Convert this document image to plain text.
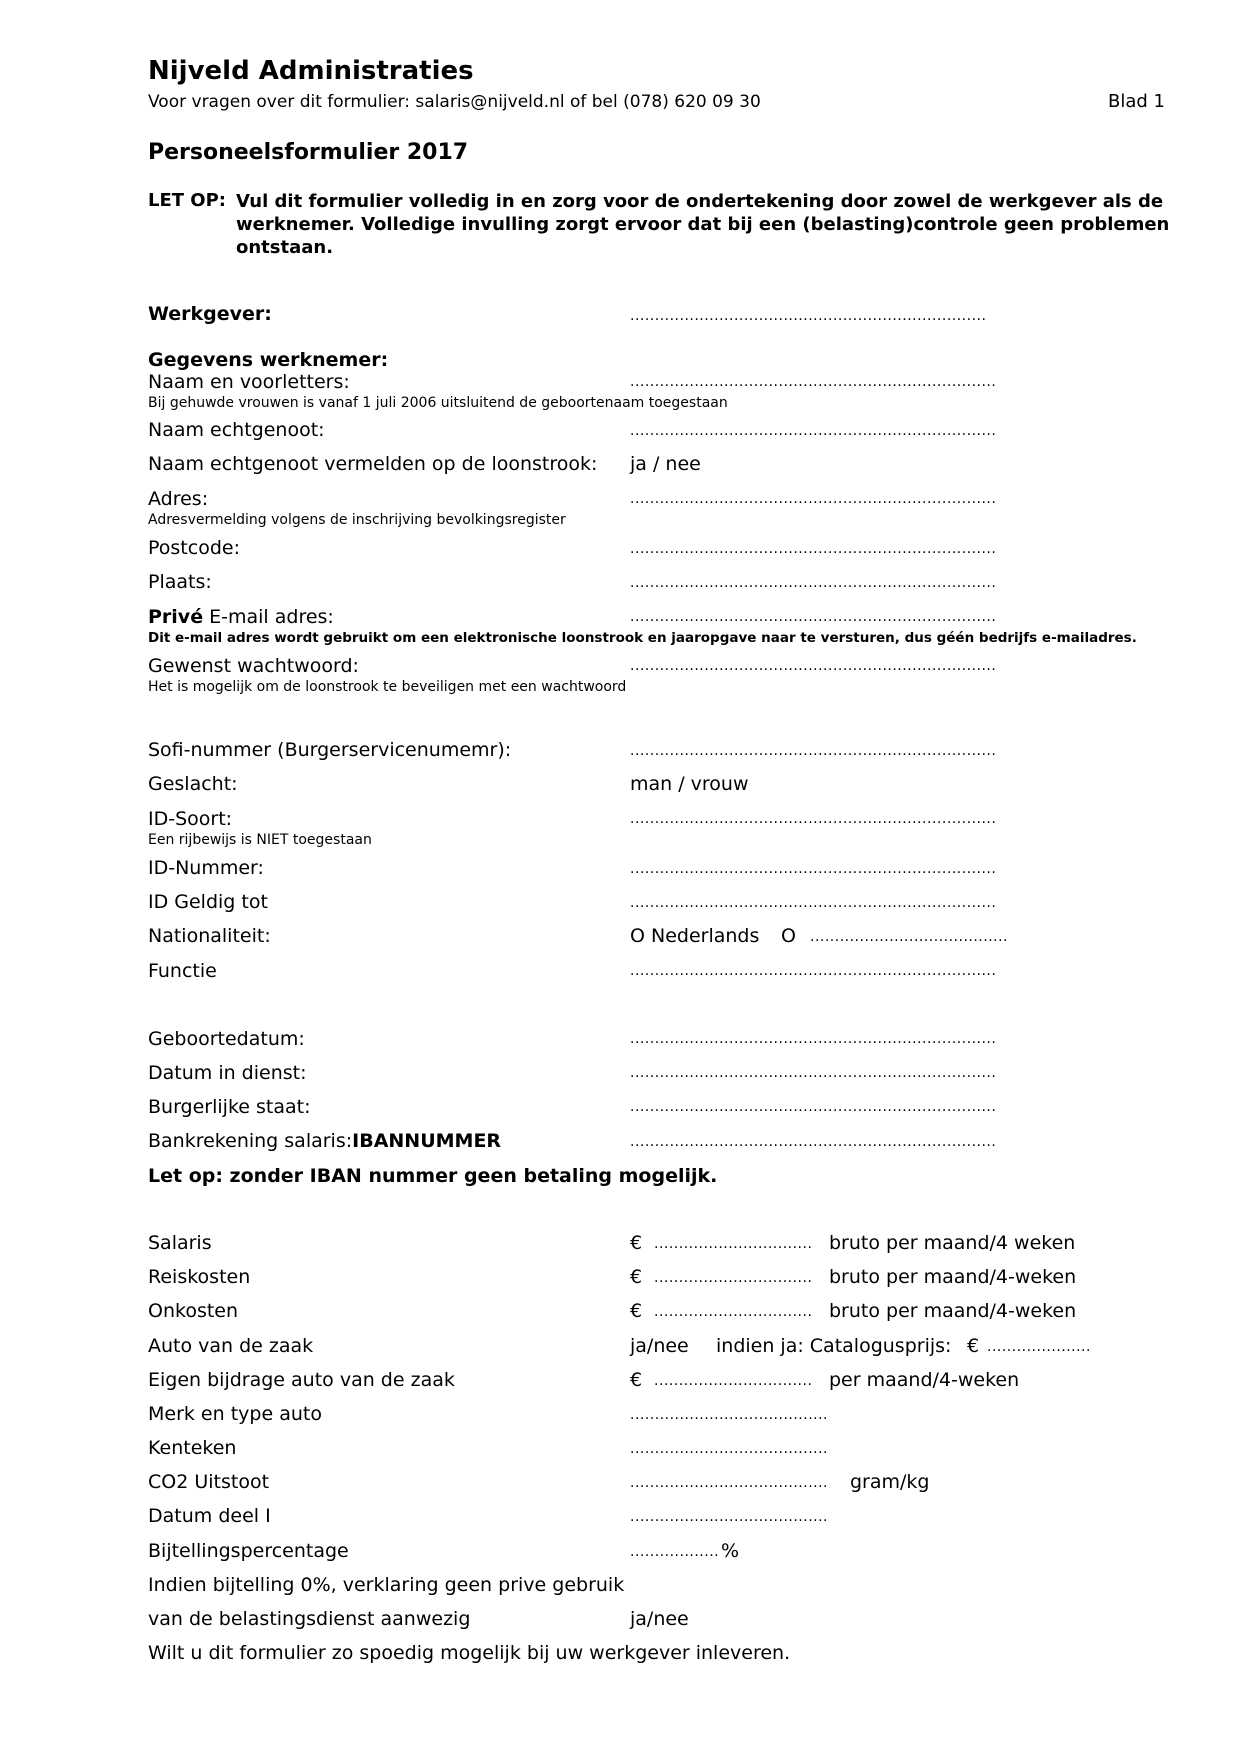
Nijveld Administraties
Voor vragen over dit formulier: salaris@nijveld.nl of bel (078) 620 09 30	Blad 1
Personeelsformulier 2017
LET OP: Vul dit formulier volledig in en zorg voor de ondertekening door zowel de werkgever als de werknemer. Volledige invulling zorgt ervoor dat bij een (belasting)controle geen problemen ontstaan.
Werkgever:	........................................................................
Gegevens werknemer:
Naam en voorletters:	..........................................................................
Bij gehuwde vrouwen is vanaf 1 juli 2006 uitsluitend de geboortenaam toegestaan
Naam echtgenoot:	..........................................................................
Naam echtgenoot vermelden op de loonstrook: ja / nee
Adres:	..........................................................................
Adresvermelding volgens de inschrijving bevolkingsregister
Postcode:	..........................................................................
Plaats:	..........................................................................
Privé E-mail adres:	..........................................................................
Dit e-mail adres wordt gebruikt om een elektronische loonstrook en jaaropgave naar te versturen, dus géén bedrijfs e-mailadres.
Gewenst wachtwoord:	..........................................................................
Het is mogelijk om de loonstrook te beveiligen met een wachtwoord
Sofi-nummer (Burgerservicenumemr):	..........................................................................
Geslacht:	man / vrouw
ID-Soort:	..........................................................................
Een rijbewijs is NIET toegestaan
ID-Nummer:	..........................................................................
ID Geldig tot	..........................................................................
Nationaliteit:	O Nederlands O ........................................
Functie	..........................................................................
Geboortedatum:	..........................................................................
Datum in dienst:	..........................................................................
Burgerlijke staat:	..........................................................................
Bankrekening salaris:IBANNUMMER	..........................................................................
Let op: zonder IBAN nummer geen betaling mogelijk.
Salaris	€ ................................ bruto per maand/4 weken
Reiskosten	€ ................................ bruto per maand/4-weken
Onkosten	€ ................................ bruto per maand/4-weken
Auto van de zaak	ja/nee indien ja: Catalogusprijs: € .....................
Eigen bijdrage auto van de zaak	€ ................................ per maand/4-weken
Merk en type auto	........................................
Kenteken	........................................
CO2 Uitstoot	........................................ gram/kg
Datum deel I	........................................
Bijtellingspercentage	.................. %
Indien bijtelling 0%, verklaring geen prive gebruik
van de belastingsdienst aanwezig	ja/nee
Wilt u dit formulier zo spoedig mogelijk bij uw werkgever inleveren.
